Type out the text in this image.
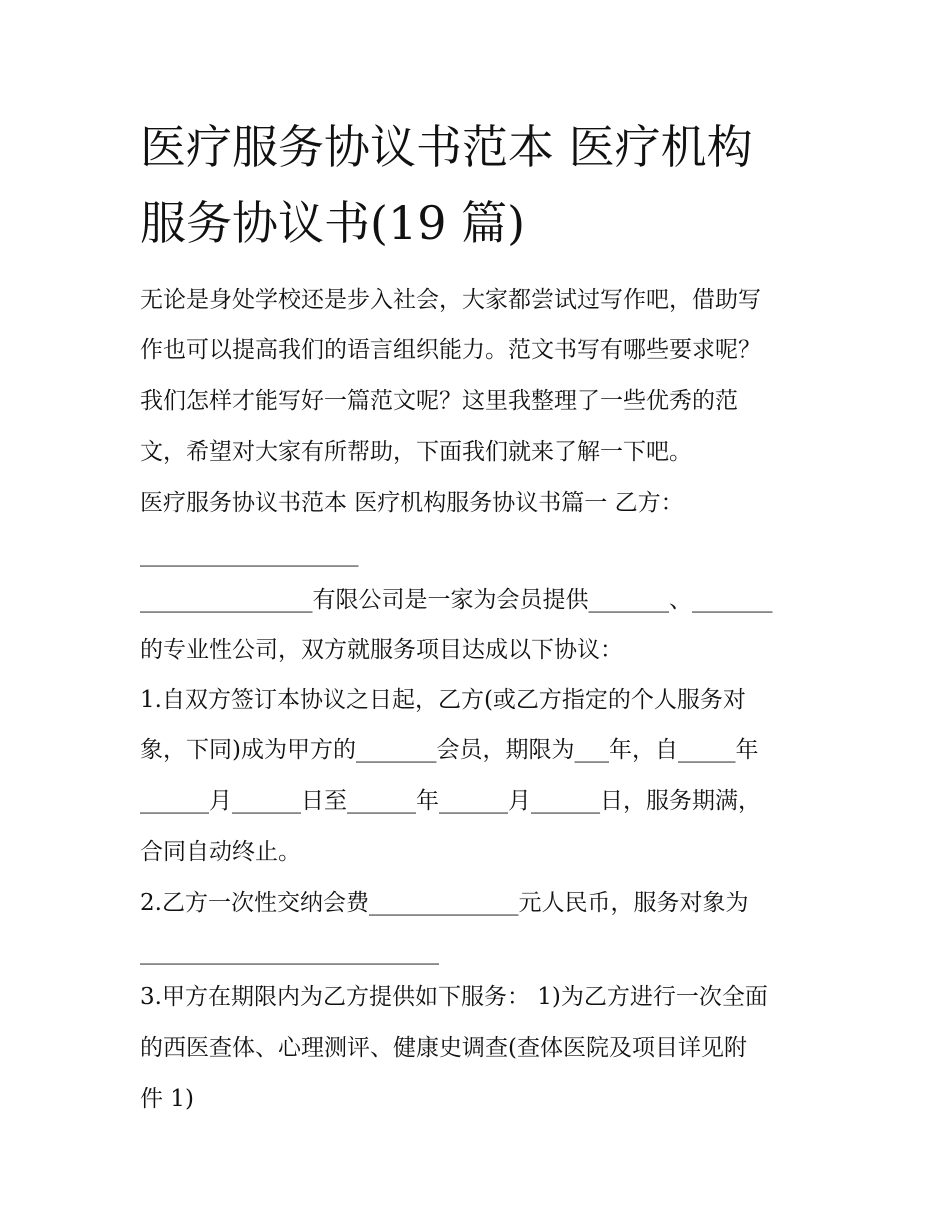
医疗服务协议书范本 医疗机构
服务协议书(19 篇)
无论是身处学校还是步入社会，大家都尝试过写作吧，借助写
作也可以提高我们的语言组织能力。范文书写有哪些要求呢？
我们怎样才能写好一篇范文呢？这里我整理了一些优秀的范
文，希望对大家有所帮助，下面我们就来了解一下吧。
医疗服务协议书范本 医疗机构服务协议书篇一 乙方：
___________________
_______________有限公司是一家为会员提供_______、_______
的专业性公司，双方就服务项目达成以下协议：
1.自双方签订本协议之日起，乙方(或乙方指定的个人服务对
象，下同)成为甲方的_______会员，期限为___年，自_____年
______月______日至______年______月______日，服务期满，
合同自动终止。
2.乙方一次性交纳会费_____________元人民币，服务对象为
__________________________
3.甲方在期限内为乙方提供如下服务： 1)为乙方进行一次全面
的西医查体、心理测评、健康史调查(查体医院及项目详见附
件 1)
